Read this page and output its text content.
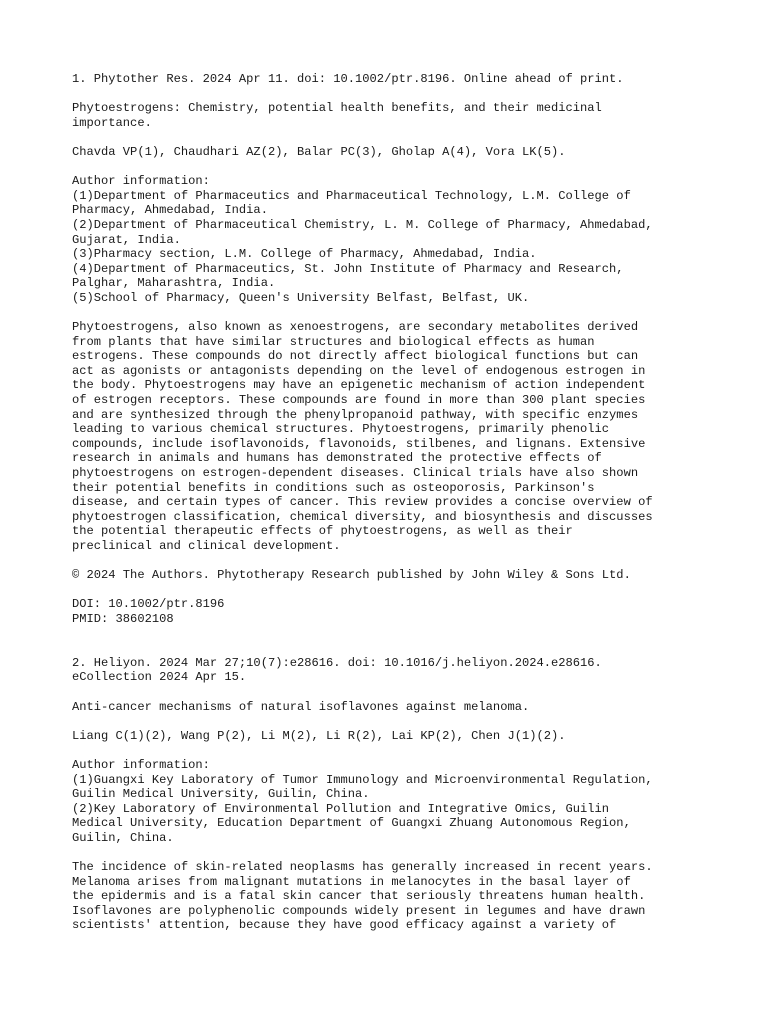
1. Phytother Res. 2024 Apr 11. doi: 10.1002/ptr.8196. Online ahead of print.
Phytoestrogens: Chemistry, potential health benefits, and their medicinal
importance.
Chavda VP(1), Chaudhari AZ(2), Balar PC(3), Gholap A(4), Vora LK(5).
Author information:
(1)Department of Pharmaceutics and Pharmaceutical Technology, L.M. College of
Pharmacy, Ahmedabad, India.
(2)Department of Pharmaceutical Chemistry, L. M. College of Pharmacy, Ahmedabad,
Gujarat, India.
(3)Pharmacy section, L.M. College of Pharmacy, Ahmedabad, India.
(4)Department of Pharmaceutics, St. John Institute of Pharmacy and Research,
Palghar, Maharashtra, India.
(5)School of Pharmacy, Queen's University Belfast, Belfast, UK.
Phytoestrogens, also known as xenoestrogens, are secondary metabolites derived
from plants that have similar structures and biological effects as human
estrogens. These compounds do not directly affect biological functions but can
act as agonists or antagonists depending on the level of endogenous estrogen in
the body. Phytoestrogens may have an epigenetic mechanism of action independent
of estrogen receptors. These compounds are found in more than 300 plant species
and are synthesized through the phenylpropanoid pathway, with specific enzymes
leading to various chemical structures. Phytoestrogens, primarily phenolic
compounds, include isoflavonoids, flavonoids, stilbenes, and lignans. Extensive
research in animals and humans has demonstrated the protective effects of
phytoestrogens on estrogen-dependent diseases. Clinical trials have also shown
their potential benefits in conditions such as osteoporosis, Parkinson's
disease, and certain types of cancer. This review provides a concise overview of
phytoestrogen classification, chemical diversity, and biosynthesis and discusses
the potential therapeutic effects of phytoestrogens, as well as their
preclinical and clinical development.
© 2024 The Authors. Phytotherapy Research published by John Wiley & Sons Ltd.
DOI: 10.1002/ptr.8196
PMID: 38602108
2. Heliyon. 2024 Mar 27;10(7):e28616. doi: 10.1016/j.heliyon.2024.e28616.
eCollection 2024 Apr 15.
Anti-cancer mechanisms of natural isoflavones against melanoma.
Liang C(1)(2), Wang P(2), Li M(2), Li R(2), Lai KP(2), Chen J(1)(2).
Author information:
(1)Guangxi Key Laboratory of Tumor Immunology and Microenvironmental Regulation,
Guilin Medical University, Guilin, China.
(2)Key Laboratory of Environmental Pollution and Integrative Omics, Guilin
Medical University, Education Department of Guangxi Zhuang Autonomous Region,
Guilin, China.
The incidence of skin-related neoplasms has generally increased in recent years.
Melanoma arises from malignant mutations in melanocytes in the basal layer of
the epidermis and is a fatal skin cancer that seriously threatens human health.
Isoflavones are polyphenolic compounds widely present in legumes and have drawn
scientists' attention, because they have good efficacy against a variety of
